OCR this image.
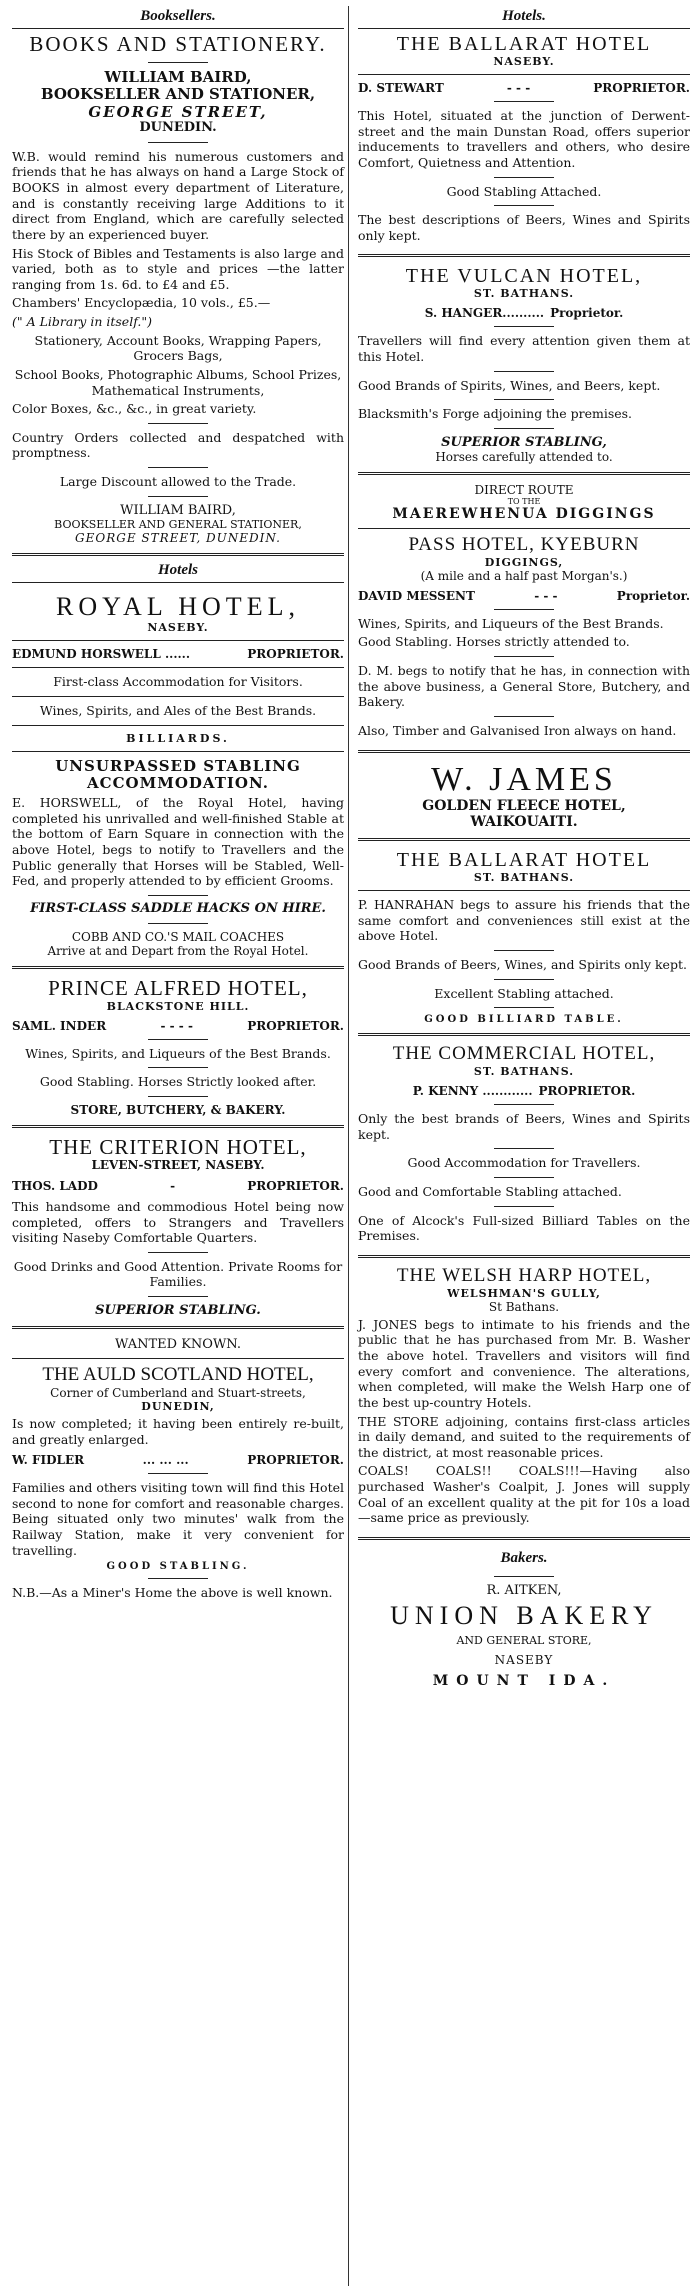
Booksellers.
BOOKS AND STATIONERY.
WILLIAM BAIRD,
BOOKSELLER AND STATIONER,
GEORGE STREET,
DUNEDIN.

W.B. would remind his numerous customers and friends that he has always on hand a Large Stock of BOOKS in almost every department of Literature, and is constantly receiving large Additions to it direct from England, which are carefully selected there by an experienced buyer.

His Stock of Bibles and Testaments is also large and varied, both as to style and prices —the latter ranging from 1s. 6d. to £4 and £5.

Chambers' Encyclopædia, 10 vols., £5.—

(" A Library in itself.")

Stationery, Account Books, Wrapping Papers, Grocers Bags,

School Books, Photographic Albums, School Prizes, Mathematical Instruments,

Color Boxes, &c., &c., in great variety.

Country Orders collected and despatched with promptness.

Large Discount allowed to the Trade.

WILLIAM BAIRD,
BOOKSELLER AND GENERAL STATIONER,
GEORGE STREET, DUNEDIN.
Hotels
ROYAL HOTEL,
NASEBY.
EDMUND HORSWELL ......	PROPRIETOR.

First-class Accommodation for Visitors.

Wines, Spirits, and Ales of the Best Brands.

BILLIARDS.
UNSURPASSED STABLING ACCOMMODATION.

E. HORSWELL, of the Royal Hotel, having completed his unrivalled and well-finished Stable at the bottom of Earn Square in connection with the above Hotel, begs to notify to Travellers and the Public generally that Horses will be Stabled, Well-Fed, and properly attended to by efficient Grooms.

FIRST-CLASS SADDLE HACKS ON HIRE.
COBB AND CO.'S MAIL COACHES
Arrive at and Depart from the Royal Hotel.
PRINCE ALFRED HOTEL,
BLACKSTONE HILL.
SAML. INDER	- - - -	PROPRIETOR.

Wines, Spirits, and Liqueurs of the Best Brands.

Good Stabling. Horses Strictly looked after.

STORE, BUTCHERY, & BAKERY.
THE CRITERION HOTEL,
LEVEN-STREET, NASEBY.
THOS. LADD	-	PROPRIETOR.

This handsome and commodious Hotel being now completed, offers to Strangers and Travellers visiting Naseby Comfortable Quarters.

Good Drinks and Good Attention. Private Rooms for Families.

SUPERIOR STABLING.
WANTED KNOWN.
THE AULD SCOTLAND HOTEL,
Corner of Cumberland and Stuart-streets,
DUNEDIN,

Is now completed; it having been entirely re-built, and greatly enlarged.

W. FIDLER	... ... ...	PROPRIETOR.

Families and others visiting town will find this Hotel second to none for comfort and reasonable charges. Being situated only two minutes' walk from the Railway Station, make it very convenient for travelling.

GOOD STABLING.

N.B.—As a Miner's Home the above is well known.

Hotels.
THE BALLARAT HOTEL
NASEBY.
D. STEWART	- - -	PROPRIETOR.

This Hotel, situated at the junction of Derwent-street and the main Dunstan Road, offers superior inducements to travellers and others, who desire Comfort, Quietness and Attention.

Good Stabling Attached.

The best descriptions of Beers, Wines and Spirits only kept.

THE VULCAN HOTEL,
ST. BATHANS.
S. HANGER.......... Proprietor.

Travellers will find every attention given them at this Hotel.

Good Brands of Spirits, Wines, and Beers, kept.

Blacksmith's Forge adjoining the premises.

SUPERIOR STABLING,
Horses carefully attended to.
DIRECT ROUTE
TO THE
MAEREWHENUA DIGGINGS
PASS HOTEL, KYEBURN
DIGGINGS,
(A mile and a half past Morgan's.)
DAVID MESSENT	- - -	Proprietor.

Wines, Spirits, and Liqueurs of the Best Brands.

Good Stabling. Horses strictly attended to.

D. M. begs to notify that he has, in connection with the above business, a General Store, Butchery, and Bakery.

Also, Timber and Galvanised Iron always on hand.

W. JAMES
GOLDEN FLEECE HOTEL,
WAIKOUAITI.
THE BALLARAT HOTEL
ST. BATHANS.

P. HANRAHAN begs to assure his friends that the same comfort and conveniences still exist at the above Hotel.

Good Brands of Beers, Wines, and Spirits only kept.

Excellent Stabling attached.

GOOD BILLIARD TABLE.
THE COMMERCIAL HOTEL,
ST. BATHANS.
P. KENNY ............ PROPRIETOR.

Only the best brands of Beers, Wines and Spirits kept.

Good Accommodation for Travellers.

Good and Comfortable Stabling attached.

One of Alcock's Full-sized Billiard Tables on the Premises.

THE WELSH HARP HOTEL,
WELSHMAN'S GULLY,
St Bathans.

J. JONES begs to intimate to his friends and the public that he has purchased from Mr. B. Washer the above hotel. Travellers and visitors will find every comfort and convenience. The alterations, when completed, will make the Welsh Harp one of the best up-country Hotels.

THE STORE adjoining, contains first-class articles in daily demand, and suited to the requirements of the district, at most reasonable prices.

COALS! COALS!! COALS!!!—Having also purchased Washer's Coalpit, J. Jones will supply Coal of an excellent quality at the pit for 10s a load—same price as previously.

Bakers.
R. AITKEN,
UNION BAKERY
AND GENERAL STORE,
NASEBY
MOUNT IDA.
